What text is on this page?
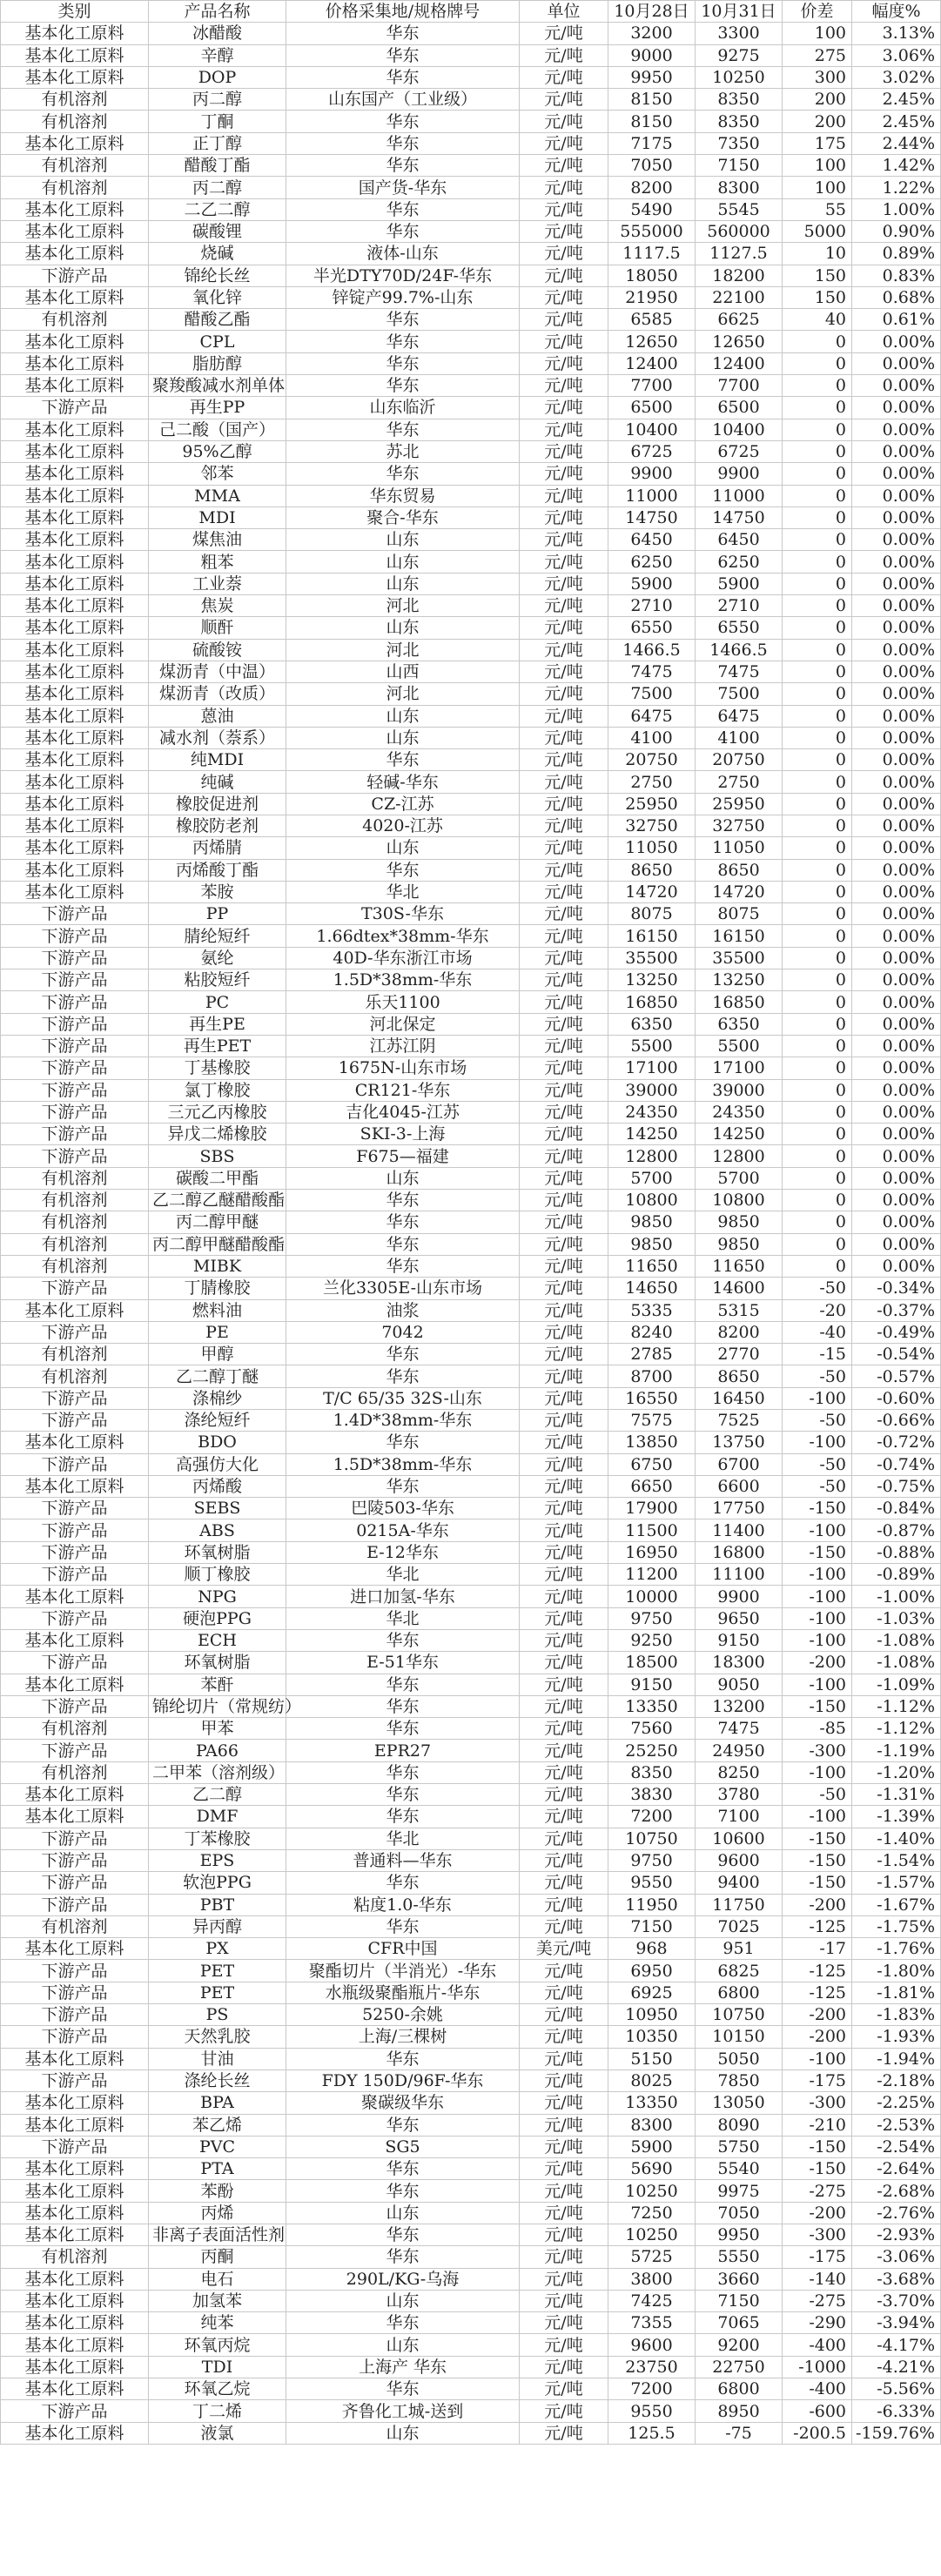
类别	产品名称	价格采集地/规格牌号	单位	10月28日	10月31日	价差	幅度%
基本化工原料	冰醋酸	华东	元/吨	3200	3300	100	3.13%
基本化工原料	辛醇	华东	元/吨	9000	9275	275	3.06%
基本化工原料	DOP	华东	元/吨	9950	10250	300	3.02%
有机溶剂	丙二醇	山东国产（工业级）	元/吨	8150	8350	200	2.45%
有机溶剂	丁酮	华东	元/吨	8150	8350	200	2.45%
基本化工原料	正丁醇	华东	元/吨	7175	7350	175	2.44%
有机溶剂	醋酸丁酯	华东	元/吨	7050	7150	100	1.42%
有机溶剂	丙二醇	国产货-华东	元/吨	8200	8300	100	1.22%
基本化工原料	二乙二醇	华东	元/吨	5490	5545	55	1.00%
基本化工原料	碳酸锂	华东	元/吨	555000	560000	5000	0.90%
基本化工原料	烧碱	液体-山东	元/吨	1117.5	1127.5	10	0.89%
下游产品	锦纶长丝	半光DTY70D/24F-华东	元/吨	18050	18200	150	0.83%
基本化工原料	氧化锌	锌锭产99.7%-山东	元/吨	21950	22100	150	0.68%
有机溶剂	醋酸乙酯	华东	元/吨	6585	6625	40	0.61%
基本化工原料	CPL	华东	元/吨	12650	12650	0	0.00%
基本化工原料	脂肪醇	华东	元/吨	12400	12400	0	0.00%
基本化工原料	聚羧酸减水剂单体	华东	元/吨	7700	7700	0	0.00%
下游产品	再生PP	山东临沂	元/吨	6500	6500	0	0.00%
基本化工原料	己二酸（国产）	华东	元/吨	10400	10400	0	0.00%
基本化工原料	95%乙醇	苏北	元/吨	6725	6725	0	0.00%
基本化工原料	邻苯	华东	元/吨	9900	9900	0	0.00%
基本化工原料	MMA	华东贸易	元/吨	11000	11000	0	0.00%
基本化工原料	MDI	聚合-华东	元/吨	14750	14750	0	0.00%
基本化工原料	煤焦油	山东	元/吨	6450	6450	0	0.00%
基本化工原料	粗苯	山东	元/吨	6250	6250	0	0.00%
基本化工原料	工业萘	山东	元/吨	5900	5900	0	0.00%
基本化工原料	焦炭	河北	元/吨	2710	2710	0	0.00%
基本化工原料	顺酐	山东	元/吨	6550	6550	0	0.00%
基本化工原料	硫酸铵	河北	元/吨	1466.5	1466.5	0	0.00%
基本化工原料	煤沥青（中温）	山西	元/吨	7475	7475	0	0.00%
基本化工原料	煤沥青（改质）	河北	元/吨	7500	7500	0	0.00%
基本化工原料	蒽油	山东	元/吨	6475	6475	0	0.00%
基本化工原料	减水剂（萘系）	山东	元/吨	4100	4100	0	0.00%
基本化工原料	纯MDI	华东	元/吨	20750	20750	0	0.00%
基本化工原料	纯碱	轻碱-华东	元/吨	2750	2750	0	0.00%
基本化工原料	橡胶促进剂	CZ-江苏	元/吨	25950	25950	0	0.00%
基本化工原料	橡胶防老剂	4020-江苏	元/吨	32750	32750	0	0.00%
基本化工原料	丙烯腈	山东	元/吨	11050	11050	0	0.00%
基本化工原料	丙烯酸丁酯	华东	元/吨	8650	8650	0	0.00%
基本化工原料	苯胺	华北	元/吨	14720	14720	0	0.00%
下游产品	PP	T30S-华东	元/吨	8075	8075	0	0.00%
下游产品	腈纶短纤	1.66dtex*38mm-华东	元/吨	16150	16150	0	0.00%
下游产品	氨纶	40D-华东浙江市场	元/吨	35500	35500	0	0.00%
下游产品	粘胶短纤	1.5D*38mm-华东	元/吨	13250	13250	0	0.00%
下游产品	PC	乐天1100	元/吨	16850	16850	0	0.00%
下游产品	再生PE	河北保定	元/吨	6350	6350	0	0.00%
下游产品	再生PET	江苏江阴	元/吨	5500	5500	0	0.00%
下游产品	丁基橡胶	1675N-山东市场	元/吨	17100	17100	0	0.00%
下游产品	氯丁橡胶	CR121-华东	元/吨	39000	39000	0	0.00%
下游产品	三元乙丙橡胶	吉化4045-江苏	元/吨	24350	24350	0	0.00%
下游产品	异戊二烯橡胶	SKI-3-上海	元/吨	14250	14250	0	0.00%
下游产品	SBS	F675—福建	元/吨	12800	12800	0	0.00%
有机溶剂	碳酸二甲酯	山东	元/吨	5700	5700	0	0.00%
有机溶剂	乙二醇乙醚醋酸酯	华东	元/吨	10800	10800	0	0.00%
有机溶剂	丙二醇甲醚	华东	元/吨	9850	9850	0	0.00%
有机溶剂	丙二醇甲醚醋酸酯	华东	元/吨	9850	9850	0	0.00%
有机溶剂	MIBK	华东	元/吨	11650	11650	0	0.00%
下游产品	丁腈橡胶	兰化3305E-山东市场	元/吨	14650	14600	-50	-0.34%
基本化工原料	燃料油	油浆	元/吨	5335	5315	-20	-0.37%
下游产品	PE	7042	元/吨	8240	8200	-40	-0.49%
有机溶剂	甲醇	华东	元/吨	2785	2770	-15	-0.54%
有机溶剂	乙二醇丁醚	华东	元/吨	8700	8650	-50	-0.57%
下游产品	涤棉纱	T/C 65/35 32S-山东	元/吨	16550	16450	-100	-0.60%
下游产品	涤纶短纤	1.4D*38mm-华东	元/吨	7575	7525	-50	-0.66%
基本化工原料	BDO	华东	元/吨	13850	13750	-100	-0.72%
下游产品	高强仿大化	1.5D*38mm-华东	元/吨	6750	6700	-50	-0.74%
基本化工原料	丙烯酸	华东	元/吨	6650	6600	-50	-0.75%
下游产品	SEBS	巴陵503-华东	元/吨	17900	17750	-150	-0.84%
下游产品	ABS	0215A-华东	元/吨	11500	11400	-100	-0.87%
下游产品	环氧树脂	E-12华东	元/吨	16950	16800	-150	-0.88%
下游产品	顺丁橡胶	华北	元/吨	11200	11100	-100	-0.89%
基本化工原料	NPG	进口加氢-华东	元/吨	10000	9900	-100	-1.00%
下游产品	硬泡PPG	华北	元/吨	9750	9650	-100	-1.03%
基本化工原料	ECH	华东	元/吨	9250	9150	-100	-1.08%
下游产品	环氧树脂	E-51华东	元/吨	18500	18300	-200	-1.08%
基本化工原料	苯酐	华东	元/吨	9150	9050	-100	-1.09%
下游产品	锦纶切片（常规纺）	华东	元/吨	13350	13200	-150	-1.12%
有机溶剂	甲苯	华东	元/吨	7560	7475	-85	-1.12%
下游产品	PA66	EPR27	元/吨	25250	24950	-300	-1.19%
有机溶剂	二甲苯（溶剂级）	华东	元/吨	8350	8250	-100	-1.20%
基本化工原料	乙二醇	华东	元/吨	3830	3780	-50	-1.31%
基本化工原料	DMF	华东	元/吨	7200	7100	-100	-1.39%
下游产品	丁苯橡胶	华北	元/吨	10750	10600	-150	-1.40%
下游产品	EPS	普通料—华东	元/吨	9750	9600	-150	-1.54%
下游产品	软泡PPG	华东	元/吨	9550	9400	-150	-1.57%
下游产品	PBT	粘度1.0-华东	元/吨	11950	11750	-200	-1.67%
有机溶剂	异丙醇	华东	元/吨	7150	7025	-125	-1.75%
基本化工原料	PX	CFR中国	美元/吨	968	951	-17	-1.76%
下游产品	PET	聚酯切片（半消光）-华东	元/吨	6950	6825	-125	-1.80%
下游产品	PET	水瓶级聚酯瓶片-华东	元/吨	6925	6800	-125	-1.81%
下游产品	PS	5250-余姚	元/吨	10950	10750	-200	-1.83%
下游产品	天然乳胶	上海/三棵树	元/吨	10350	10150	-200	-1.93%
基本化工原料	甘油	华东	元/吨	5150	5050	-100	-1.94%
下游产品	涤纶长丝	FDY 150D/96F-华东	元/吨	8025	7850	-175	-2.18%
基本化工原料	BPA	聚碳级华东	元/吨	13350	13050	-300	-2.25%
基本化工原料	苯乙烯	华东	元/吨	8300	8090	-210	-2.53%
下游产品	PVC	SG5	元/吨	5900	5750	-150	-2.54%
基本化工原料	PTA	华东	元/吨	5690	5540	-150	-2.64%
基本化工原料	苯酚	华东	元/吨	10250	9975	-275	-2.68%
基本化工原料	丙烯	山东	元/吨	7250	7050	-200	-2.76%
基本化工原料	非离子表面活性剂	华东	元/吨	10250	9950	-300	-2.93%
有机溶剂	丙酮	华东	元/吨	5725	5550	-175	-3.06%
基本化工原料	电石	290L/KG-乌海	元/吨	3800	3660	-140	-3.68%
基本化工原料	加氢苯	山东	元/吨	7425	7150	-275	-3.70%
基本化工原料	纯苯	华东	元/吨	7355	7065	-290	-3.94%
基本化工原料	环氧丙烷	山东	元/吨	9600	9200	-400	-4.17%
基本化工原料	TDI	上海产 华东	元/吨	23750	22750	-1000	-4.21%
基本化工原料	环氧乙烷	华东	元/吨	7200	6800	-400	-5.56%
下游产品	丁二烯	齐鲁化工城-送到	元/吨	9550	8950	-600	-6.33%
基本化工原料	液氯	山东	元/吨	125.5	-75	-200.5	-159.76%
